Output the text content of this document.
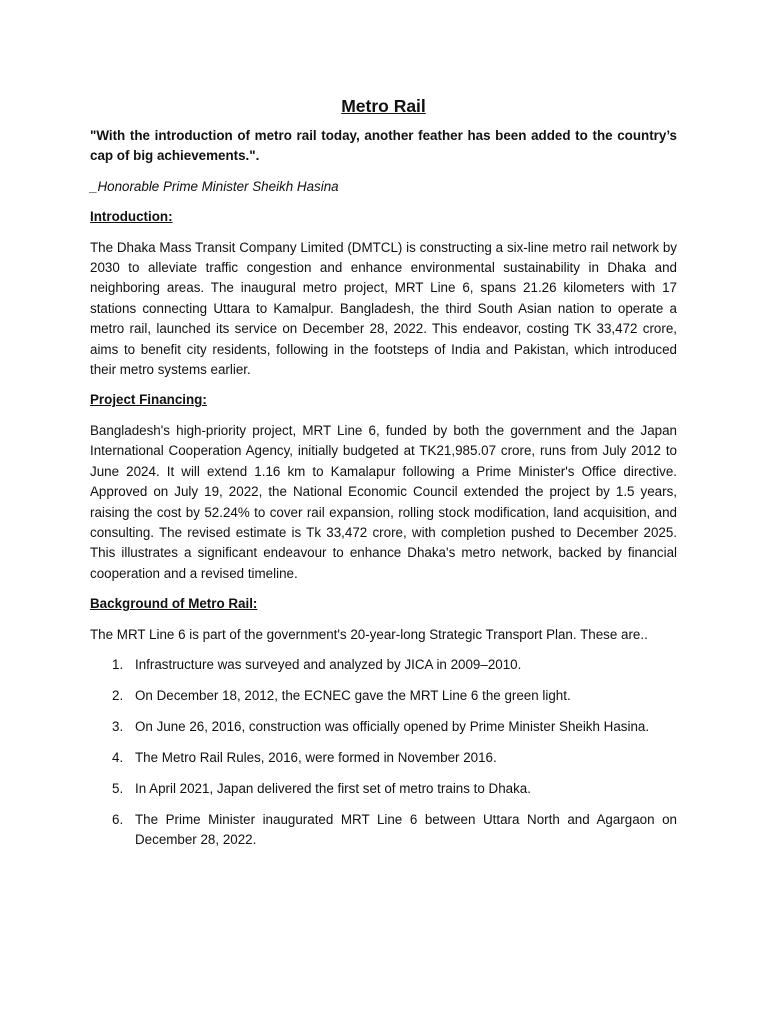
Metro Rail
"With the introduction of metro rail today, another feather has been added to the country’s cap of big achievements.".
_Honorable Prime Minister Sheikh Hasina
Introduction:
The Dhaka Mass Transit Company Limited (DMTCL) is constructing a six-line metro rail network by 2030 to alleviate traffic congestion and enhance environmental sustainability in Dhaka and neighboring areas. The inaugural metro project, MRT Line 6, spans 21.26 kilometers with 17 stations connecting Uttara to Kamalpur. Bangladesh, the third South Asian nation to operate a metro rail, launched its service on December 28, 2022. This endeavor, costing TK 33,472 crore, aims to benefit city residents, following in the footsteps of India and Pakistan, which introduced their metro systems earlier.
Project Financing:
Bangladesh's high-priority project, MRT Line 6, funded by both the government and the Japan International Cooperation Agency, initially budgeted at TK21,985.07 crore, runs from July 2012 to June 2024. It will extend 1.16 km to Kamalapur following a Prime Minister's Office directive. Approved on July 19, 2022, the National Economic Council extended the project by 1.5 years, raising the cost by 52.24% to cover rail expansion, rolling stock modification, land acquisition, and consulting. The revised estimate is Tk 33,472 crore, with completion pushed to December 2025. This illustrates a significant endeavour to enhance Dhaka's metro network, backed by financial cooperation and a revised timeline.
Background of Metro Rail:
The MRT Line 6 is part of the government's 20-year-long Strategic Transport Plan. These are..
1. Infrastructure was surveyed and analyzed by JICA in 2009–2010.
2. On December 18, 2012, the ECNEC gave the MRT Line 6 the green light.
3. On June 26, 2016, construction was officially opened by Prime Minister Sheikh Hasina.
4. The Metro Rail Rules, 2016, were formed in November 2016.
5. In April 2021, Japan delivered the first set of metro trains to Dhaka.
6. The Prime Minister inaugurated MRT Line 6 between Uttara North and Agargaon on December 28, 2022.
